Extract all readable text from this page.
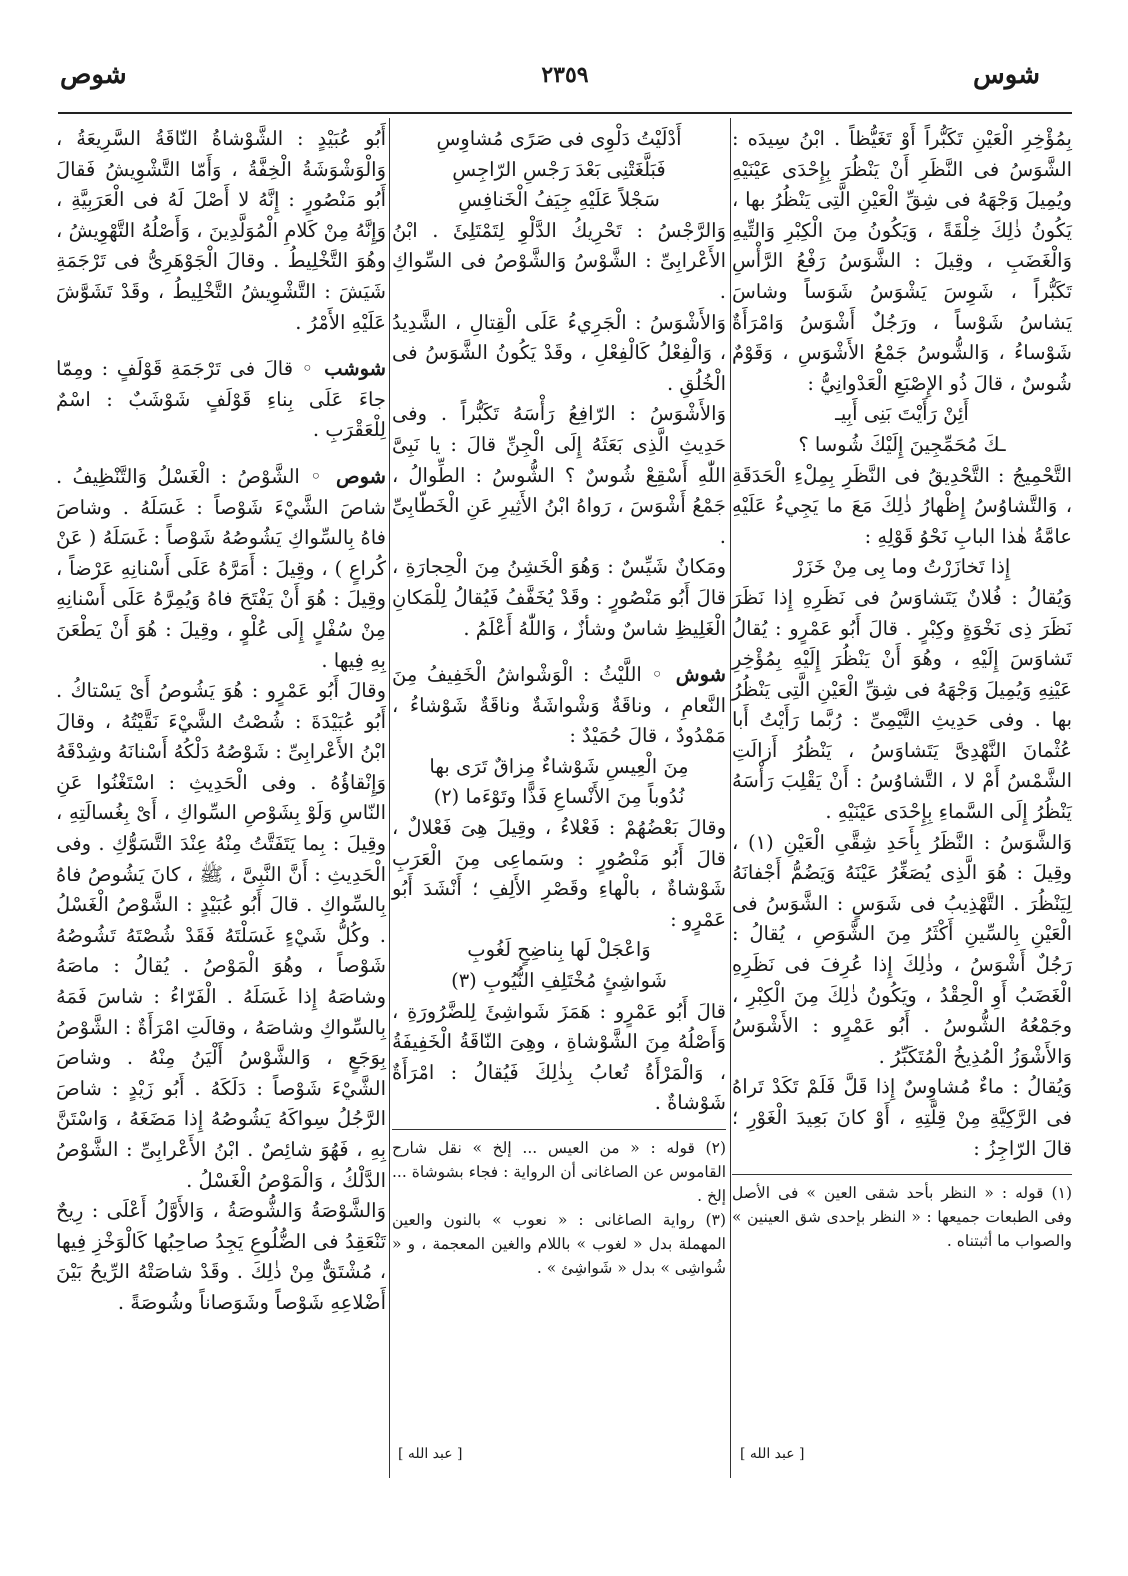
شوس
٢٣٥٩
شوص

بِمُؤْخِرِ الْعَيْنِ تَكَبُّراً أَوْ تَغَيُّظاً . ابْنُ سِيدَه : الشَّوَسُ فى النَّظَرِ أَنْ يَنْظُرَ بِإِحْدَى عَيْنَيْهِ ويُمِيلَ وَجْهَهُ فى شِقِّ الْعَيْنِ الَّتِى يَنْظُرُ بها ، يَكُونُ ذٰلِكَ خِلْقَةً ، وَيَكُونُ مِنَ الْكِبْرِ وَالتِّيهِ وَالْغَضَبِ ، وقِيلَ : الشَّوَسُ رَفْعُ الرَّأْسِ تَكَبُّراً ، شَوِسَ يَشْوَسُ شَوَساً وشاسَ يَشاسُ شَوْساً ، ورَجُلٌ أَشْوَسُ وَامْرَأَةٌ شَوْساءُ ، وَالشُّوسُ جَمْعُ الأَشْوَسِ ، وَقَوْمٌ شُوسٌ ، قالَ ذُو الإِصْبَعِ الْعَدْوانِيُّ :

أَئِنْ رَأَيْتَ بَنِى أَبِيـ

ـكَ مُحَمِّجِينَ إِلَيْكَ شُوسا ؟

التَّحْمِيجُ : التَّحْدِيقُ فى النَّظَرِ بِمِلْءِ الْحَدَقَةِ ، وَالتَّشاوُسُ إِظْهارُ ذٰلِكَ مَعَ ما يَجِيءُ عَلَيْهِ عامَّةُ هٰذا البابِ نَحْوُ قَوْلِهِ :

إِذا تَخازَرْتُ وما بِى مِنْ خَزَرْ

وَيُقالُ : فُلانٌ يَتَشاوَسُ فى نَظَرِهِ إِذا نَظَرَ نَظَرَ ذِى نَخْوَةٍ وكِبْرٍ . قالَ أَبُو عَمْرٍو : يُقالُ تَشاوَسَ إِلَيْهِ ، وهُوَ أَنْ يَنْظُرَ إِلَيْهِ بِمُؤْخِرِ عَيْنِهِ وَيُمِيلَ وَجْهَهُ فى شِقِّ الْعَيْنِ الَّتِى يَنْظُرُ بها . وفى حَدِيثِ التَّيْمِىِّ : رُبَّما رَأَيْتُ أَبا عُثْمانَ النَّهْدِىَّ يَتَشاوَسُ ، يَنْظُرُ أَزالَتِ الشَّمْسُ أَمْ لا ، التَّشاوُسُ : أَنْ يَقْلِبَ رَأْسَهُ يَنْظُرُ إِلَى السَّماءِ بِإِحْدَى عَيْنَيْهِ .

وَالشَّوَسُ : النَّظَرُ بِأَحَدِ شِقَّىِ الْعَيْنِ (١) ، وقِيلَ : هُوَ الَّذِى يُصَغِّرُ عَيْنَهُ وَيَضُمُّ أَجْفانَهُ لِيَنْظُرَ . التَّهْذِيبُ فى شَوَسٍ : الشَّوَسُ فى الْعَيْنِ بِالسِّينِ أَكْثَرُ مِنَ الشَّوَصِ ، يُقالُ : رَجُلٌ أَشْوَسُ ، وذٰلِكَ إِذا عُرِفَ فى نَظَرِهِ الْغَضَبُ أَوِ الْحِقْدُ ، ويَكُونُ ذٰلِكَ مِنَ الْكِبْرِ ، وجَمْعُهُ الشُّوسُ . أَبُو عَمْرٍو : الأَشْوَسُ وَالأَشْوَزُ الْمُذِيخُ الْمُتَكَبِّرُ .

وَيُقالُ : ماءٌ مُشاوِسٌ إِذا قَلَّ فَلَمْ تَكَدْ تَراهُ فى الرَّكِيَّةِ مِنْ قِلَّتِهِ ، أَوْ كانَ بَعِيدَ الْغَوْرِ ؛ قالَ الرّاجِزُ :

(١) قوله : « النظر بأحد شقى العين » فى الأصل وفى الطبعات جميعها : « النظر بإحدى شق العينين » والصواب ما أثبتناه .

[ عبد الله ]

أَدْلَيْتُ دَلْوِى فى صَرًى مُشاوِسِ

فَبَلَّغَتْنِى بَعْدَ رَجْسِ الرّاجِسِ

سَجْلاً عَلَيْهِ جِيَفُ الْخَنافِسِ

وَالرَّجْسُ : تَحْرِيكُ الدَّلْوِ لِتَمْتَلِئَ . ابْنُ الأَعْرابِىِّ : الشَّوْسُ وَالشَّوْصُ فى السِّواكِ .

وَالأَشْوَسُ : الْجَرِيءُ عَلَى الْقِتالِ ، الشَّدِيدُ ، وَالْفِعْلُ كَالْفِعْلِ ، وقَدْ يَكُونُ الشَّوَسُ فى الْخُلُقِ .

وَالأَشْوَسُ : الرّافِعُ رَأْسَهُ تَكَبُّراً . وفى حَدِيثِ الَّذِى بَعَثَهُ إِلَى الْجِنِّ قالَ : يا نَبِىَّ اللّٰهِ أَسْقِعْ شُوسٌ ؟ الشُّوسُ : الطِّوالُ ، جَمْعُ أَشْوَسَ ، رَواهُ ابْنُ الأَثِيرِ عَنِ الْخَطّابِىِّ .

ومَكانٌ شَيِّسٌ : وَهُوَ الْخَشِنُ مِنَ الْحِجارَةِ ، قالَ أَبُو مَنْصُورٍ : وقَدْ يُخَفَّفُ فَيُقالُ لِلْمَكانِ الْغَلِيظِ شاسٌ وشأزٌ ، وَاللّٰهُ أَعْلَمُ .

شوش ◦ اللَّيْثُ : الْوَشْواشُ الْخَفِيفُ مِنَ النَّعامِ ، وناقَةٌ وَشْواشَةٌ وناقَةٌ شَوْشاءُ ، مَمْدُودٌ ، قالَ حُمَيْدٌ :

مِنَ الْعِيسِ شَوْشاءٌ مِزاقٌ تَرَى بها

نُدُوباً مِنَ الأَنْساعِ فَذًّا وتَوْءَما (٢)

وقالَ بَعْضُهُمْ : فَعْلاءُ ، وقِيلَ هِىَ فَعْلالٌ ، قالَ أَبُو مَنْصُورٍ : وسَماعِى مِنَ الْعَرَبِ شَوْشاةٌ ، بالْهاءِ وقَصْرِ الأَلِفِ ؛ أَنْشَدَ أَبُو عَمْرٍو :

وَاعْجَلْ لَها بِناضِحٍ لَغُوبِ

شَواشِئٍ مُخْتَلِفِ النُّيُوبِ (٣)

قالَ أَبُو عَمْرٍو : هَمَزَ شَواشِئَ لِلضَّرُورَةِ ، وَأَصْلُهُ مِنَ الشَّوْشاةِ ، وهِىَ النّاقَةُ الْخَفِيفَةُ ، وَالْمَرْأَةُ تُعابُ بِذٰلِكَ فَيُقالُ : امْرَأَةٌ شَوْشاةٌ .

(٢) قوله : « من العيس ... إلخ » نقل شارح القاموس عن الصاغانى أن الرواية : فجاء بشوشاة ... إلخ .

(٣) رواية الصاغانى : « نعوب » بالنون والعين المهملة بدل « لغوب » باللام والغين المعجمة ، و « شُواشِى » بدل « شَواشِئ » .

[ عبد الله ]

أَبُو عُبَيْدٍ : الشَّوْشاةُ النّاقَةُ السَّرِيعَةُ ، وَالْوَشْوَشَةُ الْخِفَّةُ ، وَأَمّا التَّشْوِيشُ فَقالَ أَبُو مَنْصُورٍ : إِنَّهُ لا أَصْلَ لَهُ فى الْعَرَبِيَّةِ ، وَإِنَّهُ مِنْ كَلامِ الْمُوَلَّدِينَ ، وَأَصْلُهُ التَّهْوِيشُ ، وهُوَ التَّخْلِيطُ . وقالَ الْجَوْهَرِىُّ فى تَرْجَمَةِ شَيَشَ : التَّشْوِيشُ التَّخْلِيطُ ، وقَدْ تَشَوَّشَ عَلَيْهِ الأَمْرُ .

شوشب ◦ قالَ فى تَرْجَمَةِ قَوْلَفٍ : ومِمّا جاءَ عَلَى بِناءِ قَوْلَفٍ شَوْشَبٌ : اسْمٌ لِلْعَقْرَبِ .

شوص ◦ الشَّوْصُ : الْغَسْلُ وَالتَّنْظِيفُ . شاصَ الشَّيْءَ شَوْصاً : غَسَلَهُ . وشاصَ فاهُ بِالسِّواكِ يَشُوصُهُ شَوْصاً : غَسَلَهُ ( عَنْ كُراعٍ ) ، وقِيلَ : أَمَرَّهُ عَلَى أَسْنانِهِ عَرْضاً ، وقِيلَ : هُوَ أَنْ يَفْتَحَ فاهُ وَيُمِرَّهُ عَلَى أَسْنانِهِ مِنْ سُفْلٍ إِلَى عُلْوٍ ، وقِيلَ : هُوَ أَنْ يَطْعَنَ بِهِ فِيها .

وقالَ أَبُو عَمْرٍو : هُوَ يَشُوصُ أَىْ يَسْتاكُ . أَبُو عُبَيْدَةَ : شُصْتُ الشَّيْءَ نَقَّيْتُهُ ، وقالَ ابْنُ الأَعْرابِىِّ : شَوْصُهُ دَلْكُهُ أَسْنانَهُ وشِدْقَهُ وَإِنْقاؤُهُ . وفى الْحَدِيثِ : اسْتَغْنُوا عَنِ النّاسِ وَلَوْ بِشَوْصِ السِّواكِ ، أَىْ بِغُسالَتِهِ ، وقِيلَ : بِما يَتَفَتَّتُ مِنْهُ عِنْدَ التَّسَوُّكِ . وفى الْحَدِيثِ : أَنَّ النَّبِىَّ ، ﷺ ، كانَ يَشُوصُ فاهُ بِالسِّواكِ . قالَ أَبُو عُبَيْدٍ : الشَّوْصُ الْغَسْلُ . وكُلُّ شَيْءٍ غَسَلْتَهُ فَقَدْ شُصْتَهُ تَشُوصُهُ شَوْصاً ، وهُوَ الْمَوْصُ . يُقالُ : ماصَهُ وشاصَهُ إِذا غَسَلَهُ . الْفَرّاءُ : شاسَ فَمَهُ بِالسِّواكِ وشاصَهُ ، وقالَتِ امْرَأَةٌ : الشَّوْصُ بِوَجَعٍ ، وَالشَّوْسُ أَلْيَنُ مِنْهُ . وشاصَ الشَّيْءَ شَوْصاً : دَلَكَهُ . أَبُو زَيْدٍ : شاصَ الرَّجُلُ سِواكَهُ يَشُوصُهُ إِذا مَضَغَهُ ، وَاسْتَنَّ بِهِ ، فَهُوَ شائِصٌ . ابْنُ الأَعْرابِىِّ : الشَّوْصُ الدَّلْكُ ، وَالْمَوْصُ الْغَسْلُ .

وَالشَّوْصَةُ وَالشُّوصَةُ ، وَالأَوَّلُ أَعْلَى : رِيحٌ تَنْعَقِدُ فى الضُّلُوعِ يَجِدُ صاحِبُها كَالْوَخْزِ فِيها ، مُشْتَقٌّ مِنْ ذٰلِكَ . وقَدْ شاصَتْهُ الرِّيحُ بَيْنَ أَضْلاعِهِ شَوْصاً وشَوَصاناً وشُوصَةً .
